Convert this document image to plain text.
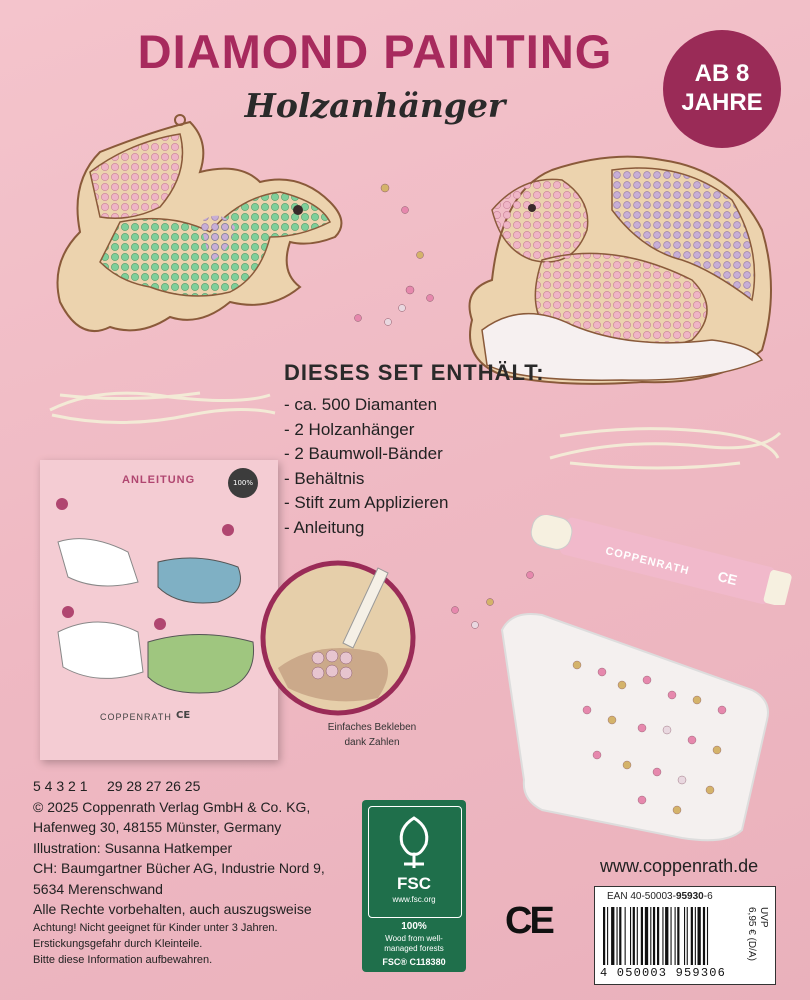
DIAMOND PAINTING
Holzanhänger
AB 8
JAHRE
DIESES SET ENTHÄLT:
- ca. 500 Diamanten
- 2 Holzanhänger
- 2 Baumwoll-Bänder
- Behältnis
- Stift zum Applizieren
- Anleitung
ANLEITUNG	100%
COPPENRATH CE
Einfaches Bekleben
dank Zahlen
COPPENRATH
CE
5 4 3 2 1     29 28 27 26 25
© 2025 Coppenrath Verlag GmbH & Co. KG,
Hafenweg 30, 48155 Münster, Germany
Illustration: Susanna Hatkemper
CH: Baumgartner Bücher AG, Industrie Nord 9,
5634 Merenschwand
Alle Rechte vorbehalten, auch auszugsweise
Achtung! Nicht geeignet für Kinder unter 3 Jahren.
Erstickungsgefahr durch Kleinteile.
Bitte diese Information aufbewahren.
FSC
www.fsc.org
100%
Wood from well-
managed forests
FSC® C118380
CE
www.coppenrath.de
EAN 40-50003-95930-6
4 050003 959306
UVP
6,95 € (D/A)
